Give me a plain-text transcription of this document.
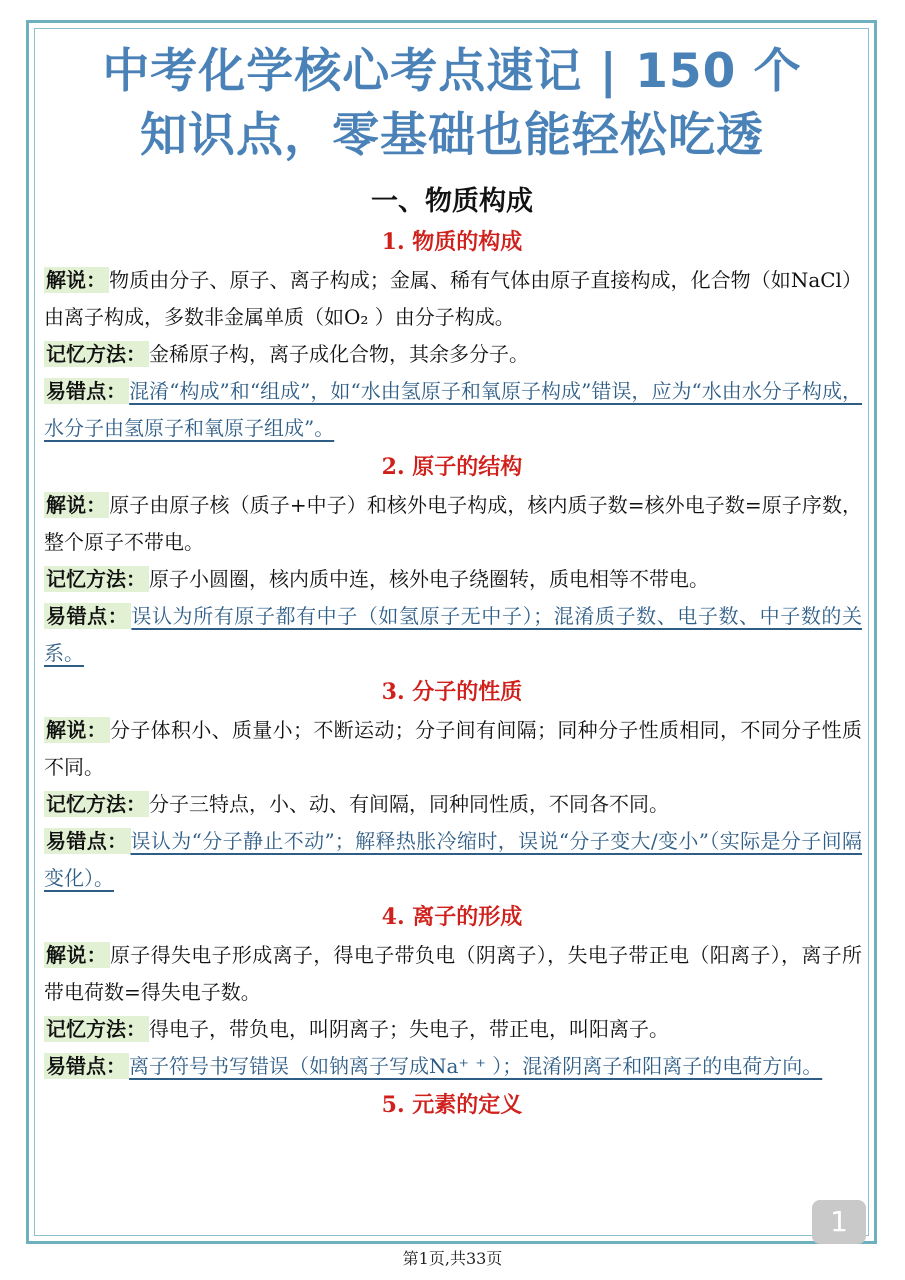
中考化学核心考点速记 | 150 个
知识点，零基础也能轻松吃透
一、物质构成
1. 物质的构成

解说： 物质由分子、原子、离子构成；金属、稀有气体由原子直接构成，化合物（如NaCl）由离子构成，多数非金属单质（如O₂ ）由分子构成。

记忆方法： 金稀原子构，离子成化合物，其余多分子。

易错点： 混淆“构成”和“组成”，如“水由氢原子和氧原子构成”错误，应为“水由水分子构成，水分子由氢原子和氧原子组成”。

2. 原子的结构

解说： 原子由原子核（质子+中子）和核外电子构成，核内质子数=核外电子数=原子序数，整个原子不带电。

记忆方法： 原子小圆圈，核内质中连，核外电子绕圈转，质电相等不带电。

易错点： 误认为所有原子都有中子（如氢原子无中子）；混淆质子数、电子数、中子数的关系。

3. 分子的性质

解说： 分子体积小、质量小；不断运动；分子间有间隔；同种分子性质相同，不同分子性质不同。

记忆方法： 分子三特点，小、动、有间隔，同种同性质，不同各不同。

易错点： 误认为“分子静止不动”；解释热胀冷缩时，误说“分子变大/变小”（实际是分子间隔变化）。

4. 离子的形成

解说： 原子得失电子形成离子，得电子带负电（阴离子），失电子带正电（阳离子），离子所带电荷数=得失电子数。

记忆方法： 得电子，带负电，叫阴离子；失电子，带正电，叫阳离子。

易错点： 离子符号书写错误（如钠离子写成Na⁺ ⁺ ）；混淆阴离子和阳离子的电荷方向。

5. 元素的定义
1
第1页,共33页
